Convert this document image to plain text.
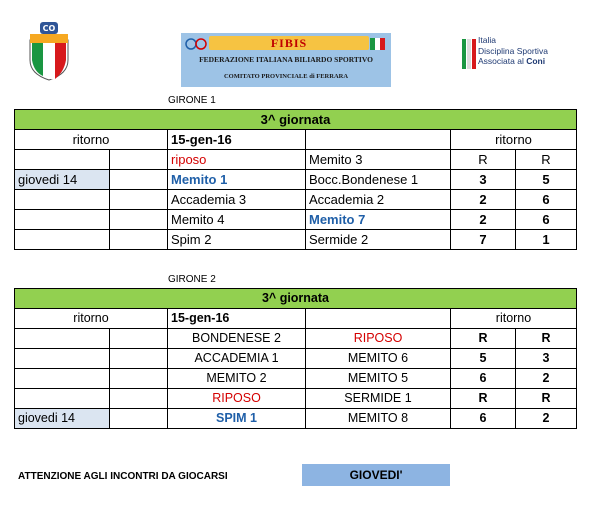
CO
FIBIS
FEDERAZIONE ITALIANA BILIARDO SPORTIVO
COMITATO PROVINCIALE di FERRARA
Italia
Disciplina Sportiva
Associata al Coni
GIRONE 1
3^ giornata					
ritorno		15-gen-16		ritorno	
		riposo	Memito 3	R	R
giovedi 14		Memito 1	Bocc.Bondenese 1	3	5
		Accademia 3	Accademia 2	2	6
		Memito 4	Memito 7	2	6
		Spim 2	Sermide 2	7	1
GIRONE 2
3^ giornata					
ritorno		15-gen-16		ritorno	
		BONDENESE 2	RIPOSO	R	R
		ACCADEMIA 1	MEMITO 6	5	3
		MEMITO 2	MEMITO 5	6	2
		RIPOSO	SERMIDE 1	R	R
giovedi 14		SPIM 1	MEMITO 8	6	2
ATTENZIONE AGLI INCONTRI DA GIOCARSI	GIOVEDI'
